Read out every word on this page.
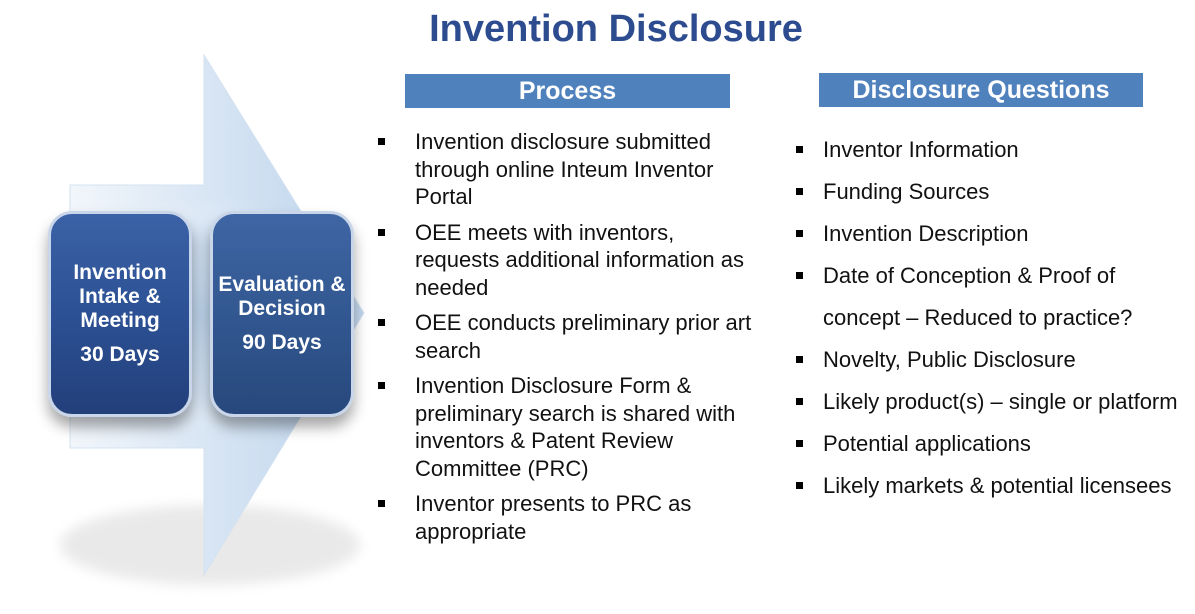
Invention Disclosure
Invention Intake & Meeting
30 Days
Evaluation & Decision
90 Days
Process
Invention disclosure submitted through online Inteum Inventor Portal
OEE meets with inventors, requests additional information as needed
OEE conducts preliminary prior art search
Invention Disclosure Form & preliminary search is shared with inventors & Patent Review Committee (PRC)
Inventor presents to PRC as appropriate
Disclosure Questions
Inventor Information
Funding Sources
Invention Description
Date of Conception & Proof of concept – Reduced to practice?
Novelty, Public Disclosure
Likely product(s) – single or platform
Potential applications
Likely markets & potential licensees
